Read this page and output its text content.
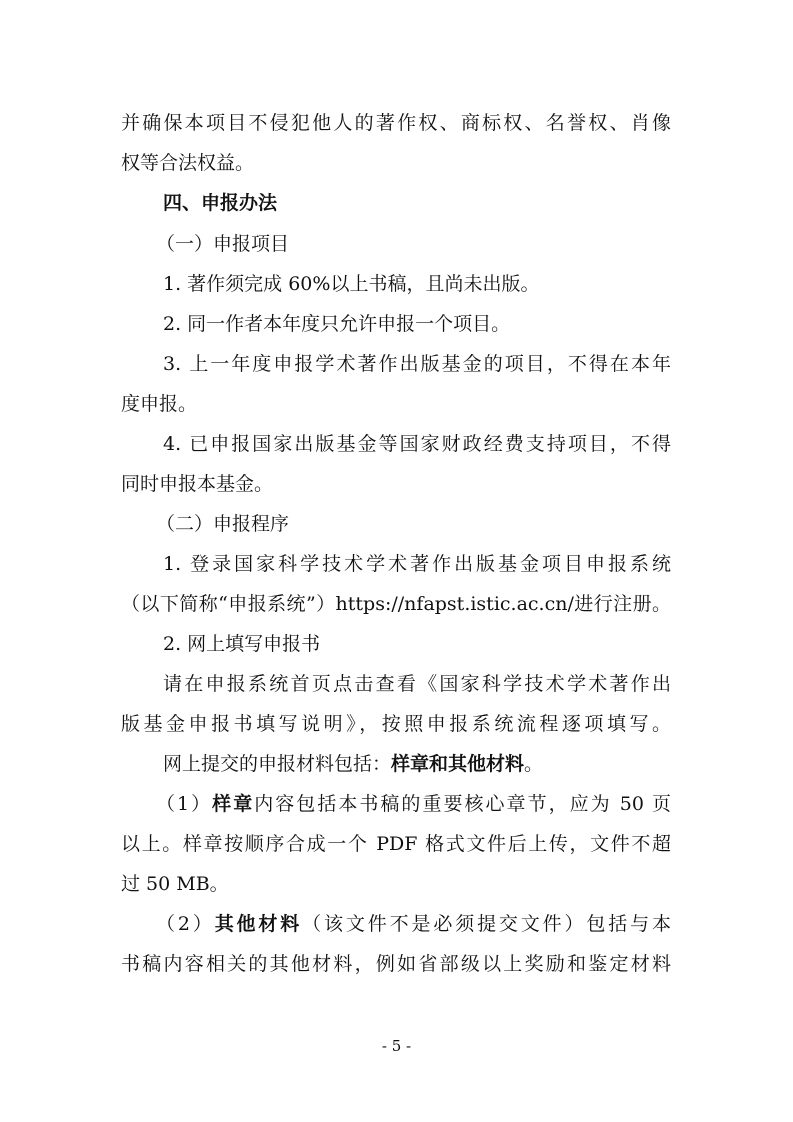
并确保本项目不侵犯他人的著作权、商标权、名誉权、肖像
权等合法权益。
四、申报办法
（一）申报项目
1. 著作须完成 60%以上书稿，且尚未出版。
2. 同一作者本年度只允许申报一个项目。
3. 上一年度申报学术著作出版基金的项目，不得在本年
度申报。
4. 已申报国家出版基金等国家财政经费支持项目，不得
同时申报本基金。
（二）申报程序
1. 登录国家科学技术学术著作出版基金项目申报系统
（以下简称“申报系统”）https://nfapst.istic.ac.cn/进行注册。
2. 网上填写申报书
请在申报系统首页点击查看《国家科学技术学术著作出
版基金申报书填写说明》，按照申报系统流程逐项填写。
网上提交的申报材料包括：样章和其他材料。
（1）样章内容包括本书稿的重要核心章节，应为 50 页
以上。样章按顺序合成一个 PDF 格式文件后上传，文件不超
过 50 MB。
（2）其他材料（该文件不是必须提交文件）包括与本
书稿内容相关的其他材料，例如省部级以上奖励和鉴定材料
- 5 -
